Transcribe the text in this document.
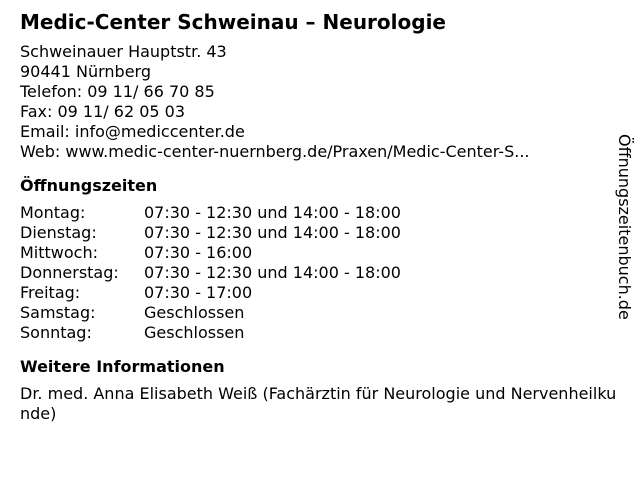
Medic-Center Schweinau – Neurologie
Schweinauer Hauptstr. 43
90441 Nürnberg
Telefon: 09 11/ 66 70 85
Fax: 09 11/ 62 05 03
Email: info@mediccenter.de
Web: www.medic-center-nuernberg.de/Praxen/Medic-Center-S...
Öffnungszeiten
Montag:	07:30 - 12:30 und 14:00 - 18:00
Dienstag:	07:30 - 12:30 und 14:00 - 18:00
Mittwoch:	07:30 - 16:00
Donnerstag:	07:30 - 12:30 und 14:00 - 18:00
Freitag:	07:30 - 17:00
Samstag:	Geschlossen
Sonntag:	Geschlossen
Weitere Informationen
Dr. med. Anna Elisabeth Weiß (Fachärztin für Neurologie und Nervenheilkunde)
Öffnungszeitenbuch.de
